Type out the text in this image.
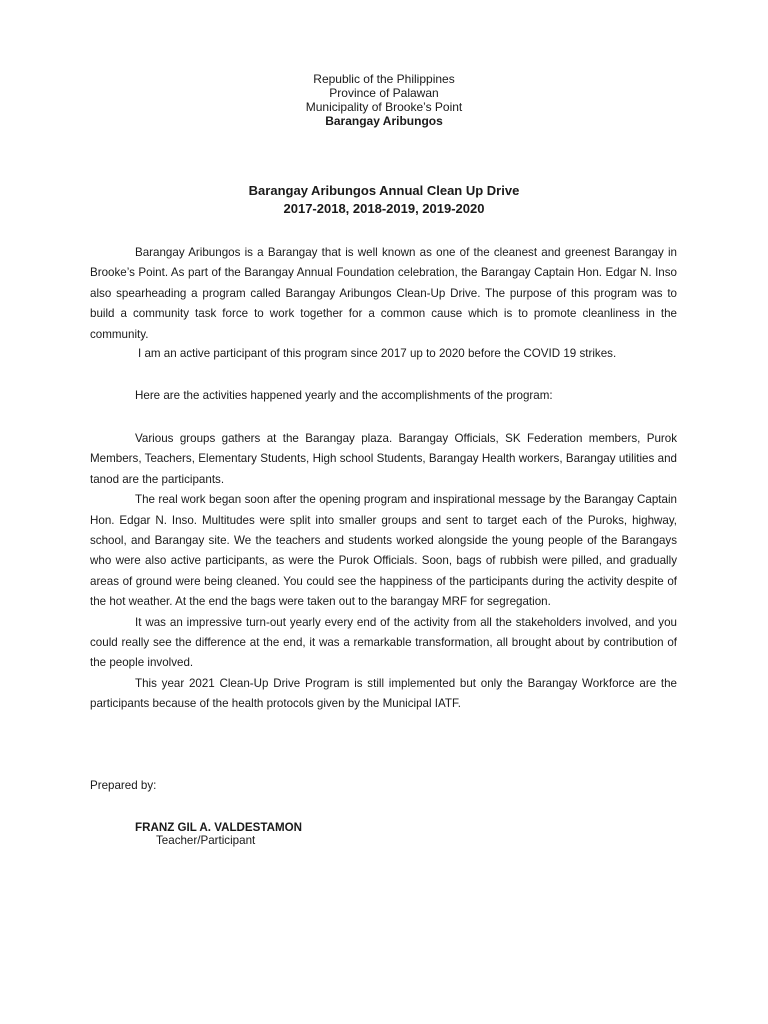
Republic of the Philippines
Province of Palawan
Municipality of Brooke’s Point
Barangay Aribungos
Barangay Aribungos Annual Clean Up Drive
2017-2018, 2018-2019, 2019-2020

Barangay Aribungos is a Barangay that is well known as one of the cleanest and greenest Barangay in Brooke’s Point. As part of the Barangay Annual Foundation celebration, the Barangay Captain Hon. Edgar N. Inso also spearheading a program called Barangay Aribungos Clean-Up Drive. The purpose of this program was to build a community task force to work together for a common cause which is to promote cleanliness in the community.

I am an active participant of this program since 2017 up to 2020 before the COVID 19 strikes.
Here are the activities happened yearly and the accomplishments of the program:

Various groups gathers at the Barangay plaza. Barangay Officials, SK Federation members, Purok Members, Teachers, Elementary Students, High school Students, Barangay Health workers, Barangay utilities and tanod are the participants.

The real work began soon after the opening program and inspirational message by the Barangay Captain Hon. Edgar N. Inso. Multitudes were split into smaller groups and sent to target each of the Puroks, highway, school, and Barangay site. We the teachers and students worked alongside the young people of the Barangays who were also active participants, as were the Purok Officials. Soon, bags of rubbish were pilled, and gradually areas of ground were being cleaned. You could see the happiness of the participants during the activity despite of the hot weather. At the end the bags were taken out to the barangay MRF for segregation.

It was an impressive turn-out yearly every end of the activity from all the stakeholders involved, and you could really see the difference at the end, it was a remarkable transformation, all brought about by contribution of the people involved.

This year 2021 Clean-Up Drive Program is still implemented but only the Barangay Workforce are the participants because of the health protocols given by the Municipal IATF.

Prepared by:
FRANZ GIL A. VALDESTAMON
Teacher/Participant
